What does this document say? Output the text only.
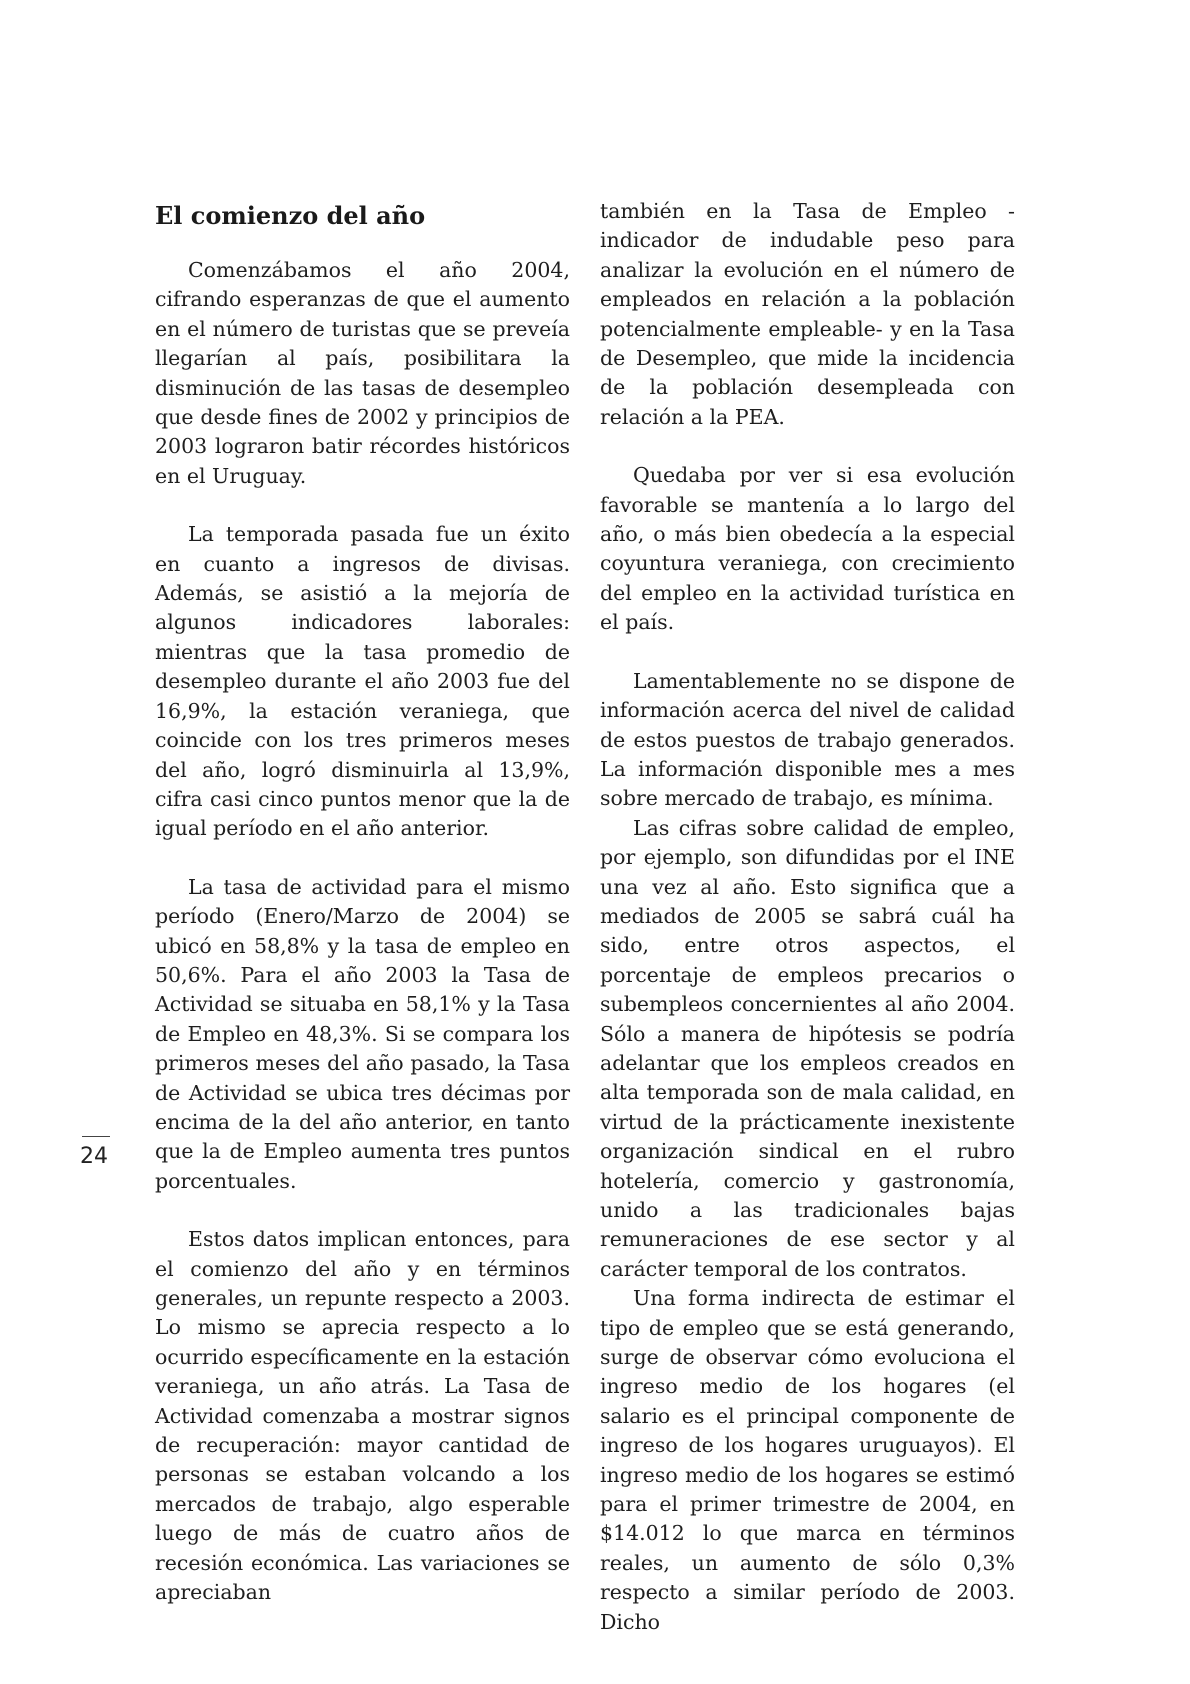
El comienzo del año

Comenzábamos el año 2004, cifrando esperanzas de que el aumento en el número de turistas que se preveía llegarían al país, posibilitara la disminución de las tasas de desempleo que desde fines de 2002 y principios de 2003 lograron batir récordes históricos en el Uruguay.

La temporada pasada fue un éxito en cuanto a ingresos de divisas. Además, se asistió a la mejoría de algunos indicadores laborales: mientras que la tasa promedio de desempleo durante el año 2003 fue del 16,9%, la estación veraniega, que coincide con los tres primeros meses del año, logró disminuirla al 13,9%, cifra casi cinco puntos menor que la de igual período en el año anterior.

La tasa de actividad para el mismo período (Enero/Marzo de 2004) se ubicó en 58,8% y la tasa de empleo en 50,6%. Para el año 2003 la Tasa de Actividad se situaba en 58,1% y la Tasa de Empleo en 48,3%. Si se compara los primeros meses del año pasado, la Tasa de Actividad se ubica tres décimas por encima de la del año anterior, en tanto que la de Empleo aumenta tres puntos porcentuales.

Estos datos implican entonces, para el comienzo del año y en términos generales, un repunte respecto a 2003. Lo mismo se aprecia respecto a lo ocurrido específicamente en la estación veraniega, un año atrás. La Tasa de Actividad comenzaba a mostrar signos de recuperación: mayor cantidad de personas se estaban volcando a los mercados de trabajo, algo esperable luego de más de cuatro años de recesión económica. Las variaciones se apreciaban

también en la Tasa de Empleo -indicador de indudable peso para analizar la evolución en el número de empleados en relación a la población potencialmente empleable- y en la Tasa de Desempleo, que mide la incidencia de la población desempleada con relación a la PEA.

Quedaba por ver si esa evolución favorable se mantenía a lo largo del año, o más bien obedecía a la especial coyuntura veraniega, con crecimiento del empleo en la actividad turística en el país.

Lamentablemente no se dispone de información acerca del nivel de calidad de estos puestos de trabajo generados. La información disponible mes a mes sobre mercado de trabajo, es mínima.

Las cifras sobre calidad de empleo, por ejemplo, son difundidas por el INE una vez al año. Esto significa que a mediados de 2005 se sabrá cuál ha sido, entre otros aspectos, el porcentaje de empleos precarios o subempleos concernientes al año 2004. Sólo a manera de hipótesis se podría adelantar que los empleos creados en alta temporada son de mala calidad, en virtud de la prácticamente inexistente organización sindical en el rubro hotelería, comercio y gastronomía, unido a las tradicionales bajas remuneraciones de ese sector y al carácter temporal de los contratos.

Una forma indirecta de estimar el tipo de empleo que se está generando, surge de observar cómo evoluciona el ingreso medio de los hogares (el salario es el principal componente de ingreso de los hogares uruguayos). El ingreso medio de los hogares se estimó para el primer trimestre de 2004, en $14.012 lo que marca en términos reales, un aumento de sólo 0,3% respecto a similar período de 2003. Dicho

24
